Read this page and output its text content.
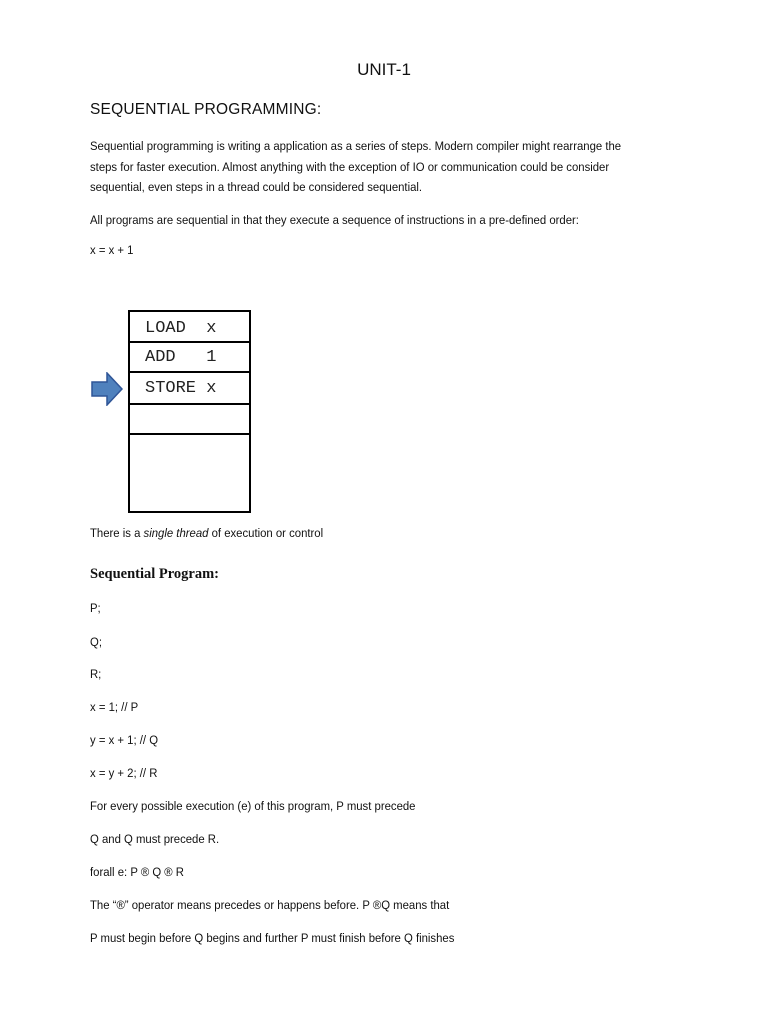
UNIT-1
SEQUENTIAL PROGRAMMING:
Sequential programming is writing a application as a series of steps. Modern compiler might rearrange the steps for faster execution. Almost anything with the exception of IO or communication could be consider sequential, even steps in a thread could be considered sequential.
All programs are sequential in that they execute a sequence of instructions in a pre-defined order:
x = x + 1
LOAD  x
ADD   1
STORE x
There is a single thread of execution or control
Sequential Program:
P;
Q;
R;
x = 1; // P
y = x + 1; // Q
x = y + 2; // R
For every possible execution (e) of this program, P must precede
Q and Q must precede R.
forall e: P ® Q ® R
The “®” operator means precedes or happens before. P ®Q means that
P must begin before Q begins and further P must finish before Q finishes
